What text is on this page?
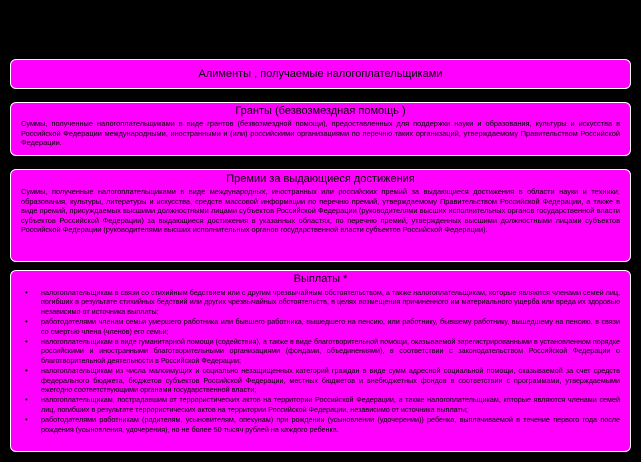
Алименты , получаемые налогоплательщиками
Гранты (безвозмездная помощь )
Суммы, полученные налогоплательщиками в виде грантов (безвозмездной помощи), предоставленных для поддержки науки и образования, культуры и искусства в Российской Федерации международными, иностранными и (или) российскими организациями по перечню таких организаций, утверждаемому Правительством Российской Федерации.
Премии за выдающиеся достижения
Суммы, полученные налогоплательщиками в виде международных, иностранных или российских премий за выдающиеся достижения в области науки и техники, образования, культуры, литературы и искусства, средств массовой информации по перечню премий, утверждаемому Правительством Российской Федерации, а также в виде премий, присуждаемых высшими должностными лицами субъектов Российской Федерации (руководителями высших исполнительных органов государственной власти субъектов Российской Федерации) за выдающиеся достижения в указанных областях, по перечню премий, утвержденных высшими должностными лицами субъектов Российской Федерации (руководителями высших исполнительных органов государственной власти субъектов Российской Федерации).
Выплаты *
• налогоплательщикам в связи со стихийным бедствием или с другим чрезвычайным обстоятельством, а также налогоплательщикам, которые являются членами семей лиц, погибших в результате стихийных бедствий или других чрезвычайных обстоятельств, в целях возмещения причиненного им материального ущерба или вреда их здоровью независимо от источника выплаты;
• работодателями членам семьи умершего работника или бывшего работника, вышедшего на пенсию, или работнику, бывшему работнику, вышедшему на пенсию, в связи со смертью члена (членов) его семьи;
• налогоплательщикам в виде гуманитарной помощи (содействия), а также в виде благотворительной помощи, оказываемой зарегистрированными в установленном порядке российскими и иностранными благотворительными организациями (фондами, объединениями), в соответствии с законодательством Российской Федерации о благотворительной деятельности в Российской Федерации;
• налогоплательщикам из числа малоимущих и социально незащищенных категорий граждан в виде сумм адресной социальной помощи, оказываемой за счет средств федерального бюджета, бюджетов субъектов Российской Федерации, местных бюджетов и внебюджетных фондов в соответствии с программами, утверждаемыми ежегодно соответствующими органами государственной власти;
• налогоплательщикам, пострадавшим от террористических актов на территории Российской Федерации, а также налогоплательщикам, которые являются членами семей лиц, погибших в результате террористических актов на территории Российской Федерации, независимо от источника выплаты;
• работодателями работникам (родителям, усыновителям, опекунам) при рождении (усыновлении (удочерении)) ребенка, выплачиваемой в течение первого года после рождения (усыновления, удочерения), но не более 50 тысяч рублей на каждого ребенка.
